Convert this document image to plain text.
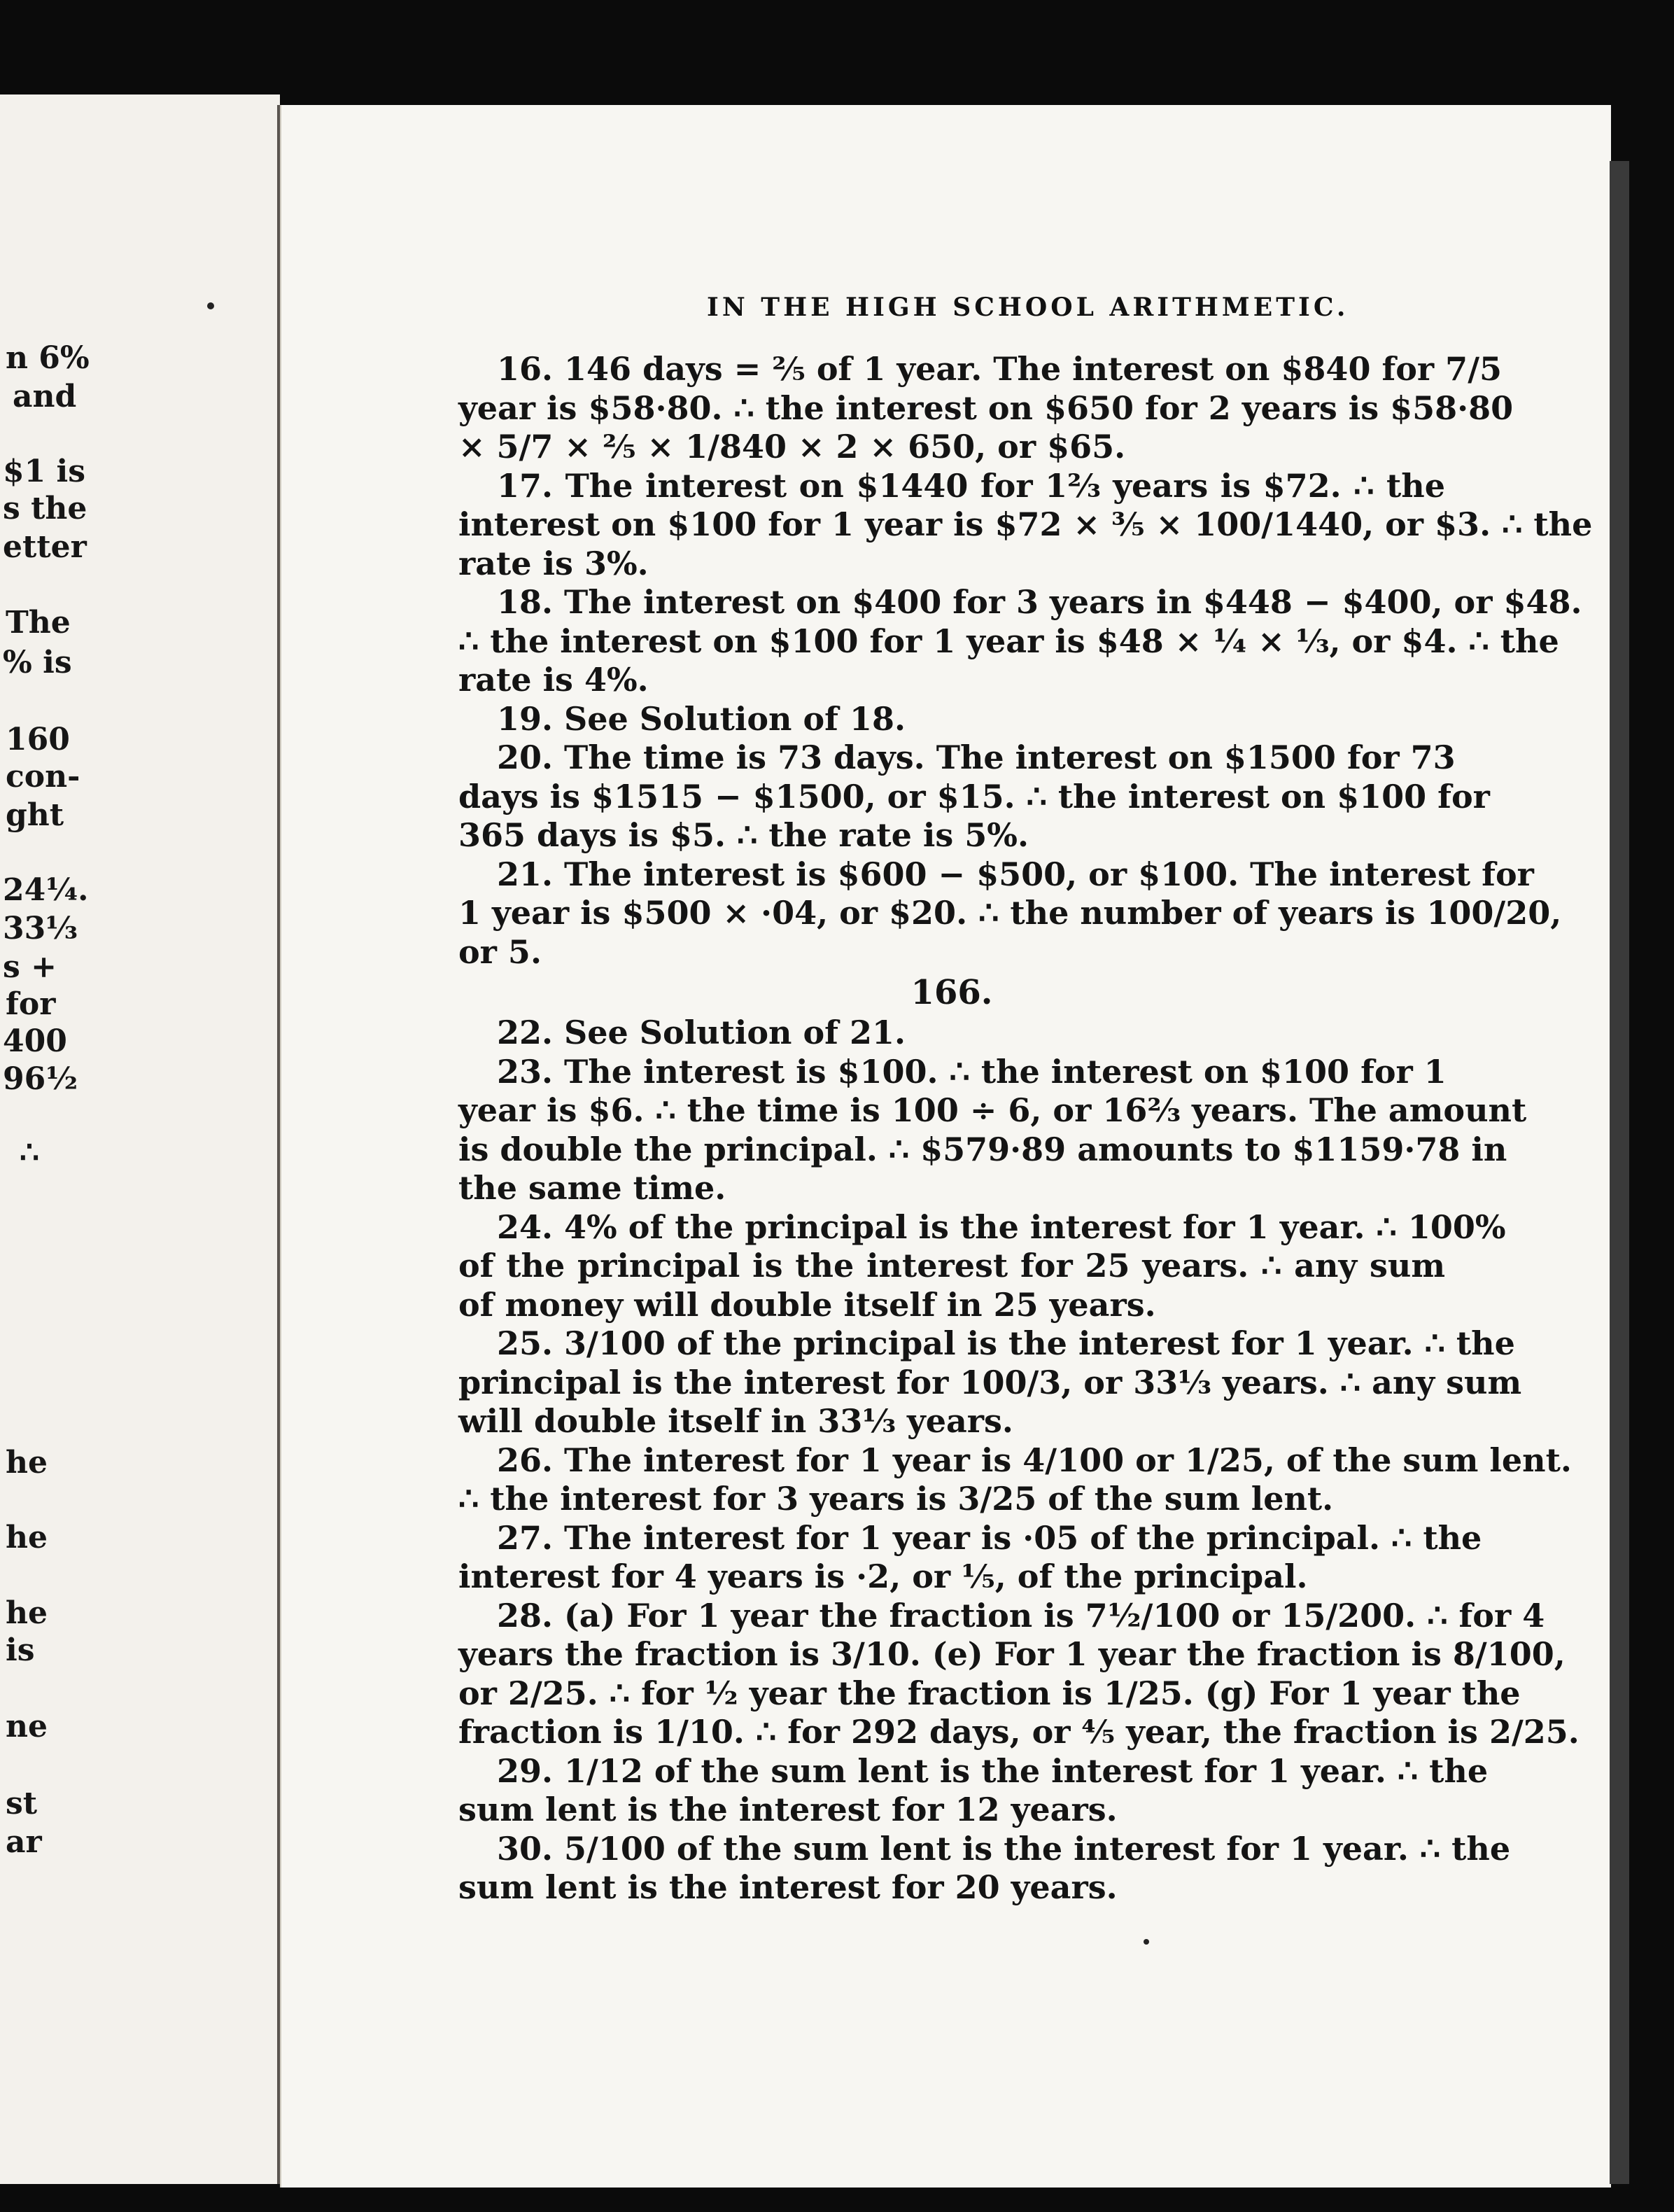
n 6%
and
$1 is
s the
etter
The
% is
160
con-
ght
24¼.
33⅓
s +
for
400
96½
∴
he
he
he
is
ne
st
ar
IN THE HIGH SCHOOL ARITHMETIC.
16. 146 days = ⅖ of 1 year. The interest on $840 for 7/5
year is $58·80. ∴ the interest on $650 for 2 years is $58·80
× 5/7 × ⅖ × 1/840 × 2 × 650, or $65.
17. The interest on $1440 for 1⅔ years is $72. ∴ the
interest on $100 for 1 year is $72 × ⅗ × 100/1440, or $3. ∴ the
rate is 3%.
18. The interest on $400 for 3 years in $448 − $400, or $48.
∴ the interest on $100 for 1 year is $48 × ¼ × ⅓, or $4. ∴ the
rate is 4%.
19. See Solution of 18.
20. The time is 73 days. The interest on $1500 for 73
days is $1515 − $1500, or $15. ∴ the interest on $100 for
365 days is $5. ∴ the rate is 5%.
21. The interest is $600 − $500, or $100. The interest for
1 year is $500 × ·04, or $20. ∴ the number of years is 100/20,
or 5.
166.
22. See Solution of 21.
23. The interest is $100. ∴ the interest on $100 for 1
year is $6. ∴ the time is 100 ÷ 6, or 16⅔ years. The amount
is double the principal. ∴ $579·89 amounts to $1159·78 in
the same time.
24. 4% of the principal is the interest for 1 year. ∴ 100%
of the principal is the interest for 25 years. ∴ any sum
of money will double itself in 25 years.
25. 3/100 of the principal is the interest for 1 year. ∴ the
principal is the interest for 100/3, or 33⅓ years. ∴ any sum
will double itself in 33⅓ years.
26. The interest for 1 year is 4/100 or 1/25, of the sum lent.
∴ the interest for 3 years is 3/25 of the sum lent.
27. The interest for 1 year is ·05 of the principal. ∴ the
interest for 4 years is ·2, or ⅕, of the principal.
28. (a) For 1 year the fraction is 7½/100 or 15/200. ∴ for 4
years the fraction is 3/10. (e) For 1 year the fraction is 8/100,
or 2/25. ∴ for ½ year the fraction is 1/25. (g) For 1 year the
fraction is 1/10. ∴ for 292 days, or ⅘ year, the fraction is 2/25.
29. 1/12 of the sum lent is the interest for 1 year. ∴ the
sum lent is the interest for 12 years.
30. 5/100 of the sum lent is the interest for 1 year. ∴ the
sum lent is the interest for 20 years.
